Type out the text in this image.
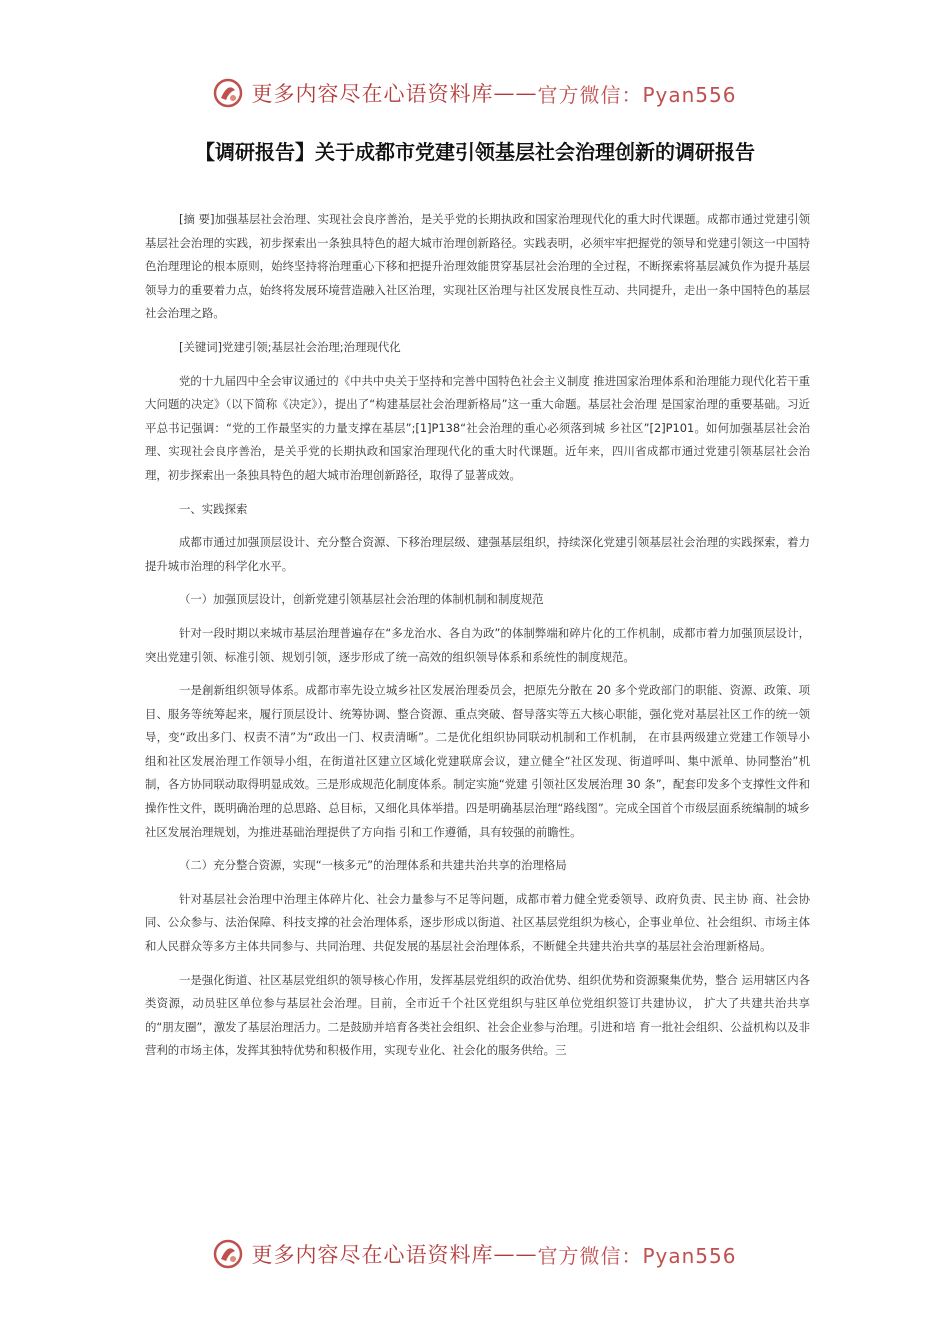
更多内容尽在心语资料库 —— 官方微信：Pyan556
【调研报告】关于成都市党建引领基层社会治理创新的调研报告

[摘 要]加强基层社会治理、实现社会良序善治，是关乎党的长期执政和国家治理现代化的重大时代课题。成都市通过党建引领基层社会治理的实践，初步探索出一条独具特色的超大城市治理创新路径。实践表明，必须牢牢把握党的领导和党建引领这一中国特色治理理论的根本原则，始终坚持将治理重心下移和把提升治理效能贯穿基层社会治理的全过程，不断探索将基层减负作为提升基层领导力的重要着力点，始终将发展环境营造融入社区治理，实现社区治理与社区发展良性互动、共同提升，走出一条中国特色的基层社会治理之路。

[关键词]党建引领;基层社会治理;治理现代化

党的十九届四中全会审议通过的《中共中央关于坚持和完善中国特色社会主义制度 推进国家治理体系和治理能力现代化若干重大问题的决定》（以下简称《决定》），提出了“构建基层社会治理新格局”这一重大命题。基层社会治理 是国家治理的重要基础。习近平总书记强调：“党的工作最坚实的力量支撑在基层”;[1]P138“社会治理的重心必须落到城 乡社区”[2]P101。如何加强基层社会治理、实现社会良序善治，是关乎党的长期执政和国家治理现代化的重大时代课题。近年来，四川省成都市通过党建引领基层社会治理，初步探索出一条独具特色的超大城市治理创新路径，取得了显著成效。

一、实践探索

成都市通过加强顶层设计、充分整合资源、下移治理层级、建强基层组织，持续深化党建引领基层社会治理的实践探索，着力提升城市治理的科学化水平。

（一）加强顶层设计，创新党建引领基层社会治理的体制机制和制度规范

针对一段时期以来城市基层治理普遍存在“多龙治水、各自为政”的体制弊端和碎片化的工作机制，成都市着力加强顶层设计，突出党建引领、标准引领、规划引领，逐步形成了统一高效的组织领导体系和系统性的制度规范。

一是創新组织领导体系。成都市率先设立城乡社区发展治理委员会，把原先分散在 20 多个党政部门的职能、资源、政策、项目、服务等统筹起来，履行顶层设计、统筹协调、整合资源、重点突破、督导落实等五大核心职能，强化党对基层社区工作的统一领导，变“政出多门、权责不清”为“政出一门、权责清晰”。二是优化组织协同联动机制和工作机制， 在市县两级建立党建工作领导小组和社区发展治理工作领导小组，在街道社区建立区域化党建联席会议，建立健全“社区发现、街道呼叫、集中派单、协同整治”机制，各方协同联动取得明显成效。三是形成规范化制度体系。制定实施“党建 引领社区发展治理 30 条”，配套印发多个支撑性文件和操作性文件，既明确治理的总思路、总目标，又细化具体举措。四是明确基层治理“路线图”。完成全国首个市级层面系统编制的城乡社区发展治理规划，为推进基础治理提供了方向指 引和工作遵循，具有较强的前瞻性。

（二）充分整合资源，实现“一核多元”的治理体系和共建共治共享的治理格局

针对基层社会治理中治理主体碎片化、社会力量参与不足等问题，成都市着力健全党委领导、政府负责、民主协 商、社会协同、公众参与、法治保障、科技支撑的社会治理体系，逐步形成以街道、社区基层党组织为核心，企事业单位、社会组织、市场主体和人民群众等多方主体共同参与、共同治理、共促发展的基层社会治理体系，不断健全共建共治共享的基层社会治理新格局。

一是强化街道、社区基层党组织的领导核心作用，发挥基层党组织的政治优势、组织优势和资源聚集优势，整合 运用辖区内各类资源，动员驻区单位参与基层社会治理。目前，全市近千个社区党组织与驻区单位党组织签订共建协议， 扩大了共建共治共享的“朋友圈”，激发了基层治理活力。二是鼓励并培育各类社会组织、社会企业参与治理。引进和培 育一批社会组织、公益机构以及非营利的市场主体，发挥其独特优势和积极作用，实现专业化、社会化的服务供给。三

更多内容尽在心语资料库 —— 官方微信：Pyan556
